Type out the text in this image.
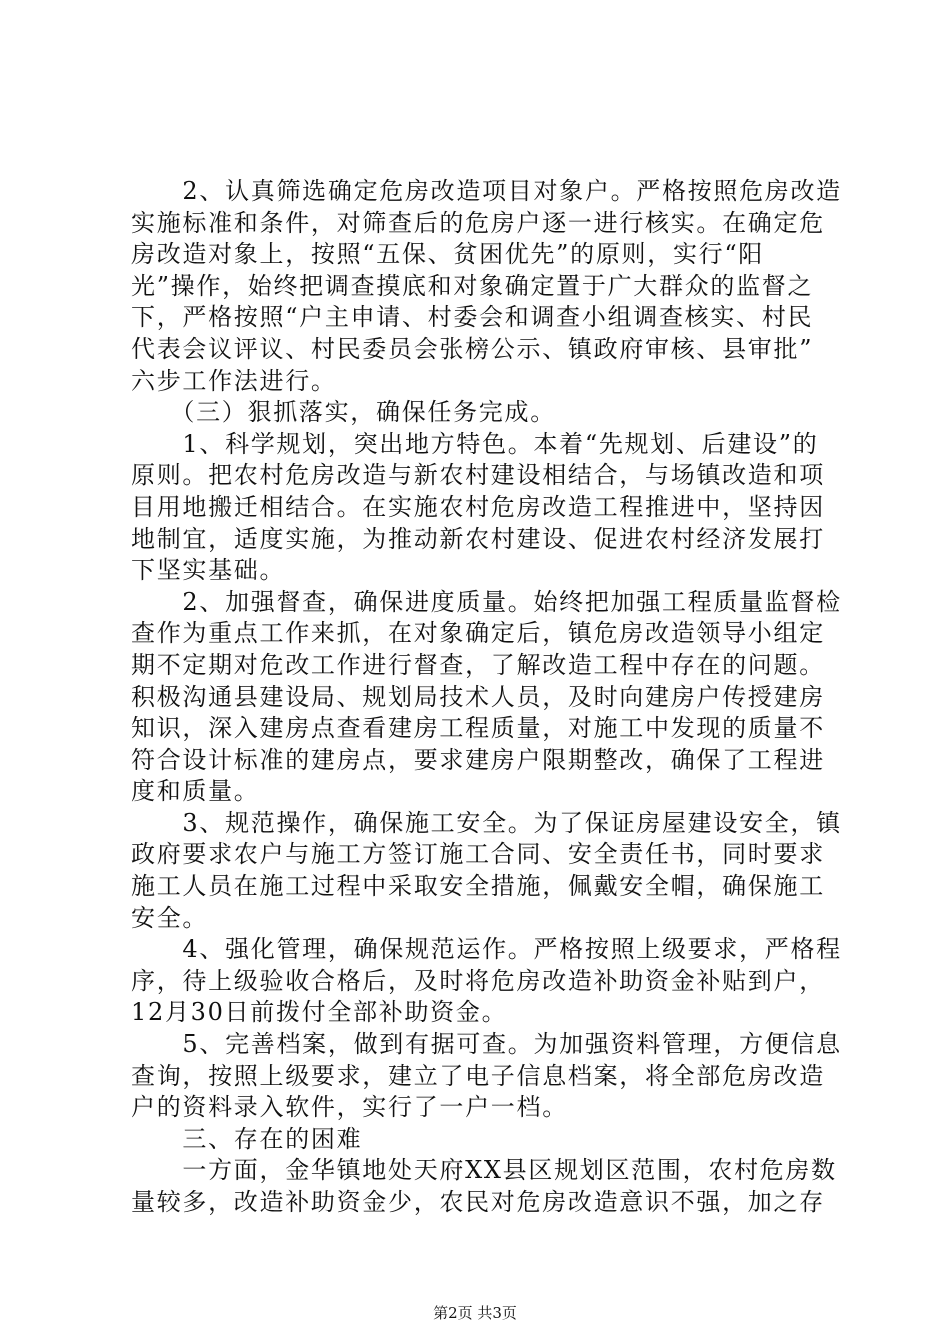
　　2、认真筛选确定危房改造项目对象户。严格按照危房改造
实施标准和条件，对筛查后的危房户逐一进行核实。在确定危
房改造对象上，按照“五保、贫困优先”的原则，实行“阳
光”操作，始终把调查摸底和对象确定置于广大群众的监督之
下，严格按照“户主申请、村委会和调查小组调查核实、村民
代表会议评议、村民委员会张榜公示、镇政府审核、县审批”
六步工作法进行。
　　（三）狠抓落实，确保任务完成。
　　1、科学规划，突出地方特色。本着“先规划、后建设”的
原则。把农村危房改造与新农村建设相结合，与场镇改造和项
目用地搬迁相结合。在实施农村危房改造工程推进中，坚持因
地制宜，适度实施，为推动新农村建设、促进农村经济发展打
下坚实基础。
　　2、加强督查，确保进度质量。始终把加强工程质量监督检
查作为重点工作来抓，在对象确定后，镇危房改造领导小组定
期不定期对危改工作进行督查，了解改造工程中存在的问题。
积极沟通县建设局、规划局技术人员，及时向建房户传授建房
知识，深入建房点查看建房工程质量，对施工中发现的质量不
符合设计标准的建房点，要求建房户限期整改，确保了工程进
度和质量。
　　3、规范操作，确保施工安全。为了保证房屋建设安全，镇
政府要求农户与施工方签订施工合同、安全责任书，同时要求
施工人员在施工过程中采取安全措施，佩戴安全帽，确保施工
安全。
　　4、强化管理，确保规范运作。严格按照上级要求，严格程
序，待上级验收合格后，及时将危房改造补助资金补贴到户，
12月30日前拨付全部补助资金。
　　5、完善档案，做到有据可查。为加强资料管理，方便信息
查询，按照上级要求，建立了电子信息档案，将全部危房改造
户的资料录入软件，实行了一户一档。
　　三、存在的困难
　　一方面，金华镇地处天府XX县区规划区范围，农村危房数
量较多，改造补助资金少，农民对危房改造意识不强，加之存
第2页 共3页
